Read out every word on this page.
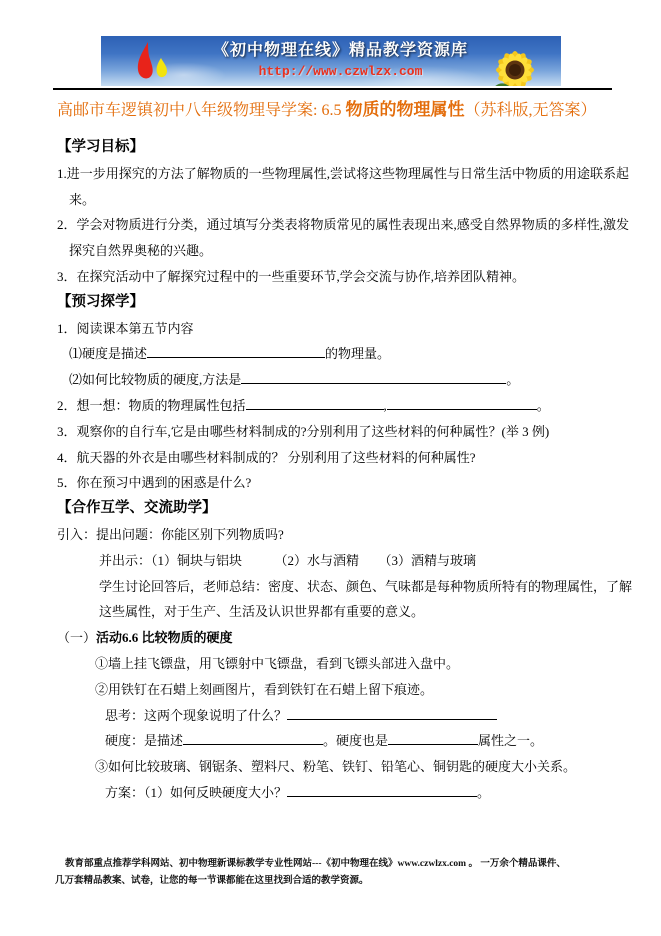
《初中物理在线》精品教学资源库
http://www.czwlzx.com
高邮市车逻镇初中八年级物理导学案: 6.5 物质的物理属性（苏科版,无答案）
【学习目标】
1.进一步用探究的方法了解物质的一些物理属性,尝试将这些物理属性与日常生活中物质的用途联系起
来。
2．学会对物质进行分类，通过填写分类表将物质常见的属性表现出来,感受自然界物质的多样性,激发
探究自然界奥秘的兴趣。
3．在探究活动中了解探究过程中的一些重要环节,学会交流与协作,培养团队精神。
【预习探学】
1．阅读课本第五节内容
⑴硬度是描述	的物理量。
⑵如何比较物质的硬度,方法是	。
2．想一想：物质的物理属性包括	,	。
3．观察你的自行车,它是由哪些材料制成的?分别利用了这些材料的何种属性？(举 3 例)
4．航天器的外衣是由哪些材料制成的？ 分别利用了这些材料的何种属性?
5．你在预习中遇到的困惑是什么?
【合作互学、交流助学】
引入：提出问题：你能区别下列物质吗?
并出示：（1）铜块与铝块　　　（2）水与酒精　　（3）酒精与玻璃
学生讨论回答后，老师总结：密度、状态、颜色、气味都是每种物质所特有的物理属性，了解
这些属性，对于生产、生活及认识世界都有重要的意义。
（一）活动6.6 比较物质的硬度
①墙上挂飞镖盘，用飞镖射中飞镖盘，看到飞镖头部进入盘中。
②用铁钉在石蜡上刻画图片，看到铁钉在石蜡上留下痕迹。
思考：这两个现象说明了什么？
硬度：是描述	。硬度也是	属性之一。
③如何比较玻璃、钢锯条、塑料尺、粉笔、铁钉、铅笔心、铜钥匙的硬度大小关系。
方案：（1）如何反映硬度大小？	。
教育部重点推荐学科网站、初中物理新课标教学专业性网站---《初中物理在线》www.czwlzx.com 。 一万余个精品课件、
几万套精品教案、试卷，让您的每一节课都能在这里找到合适的教学资源。
